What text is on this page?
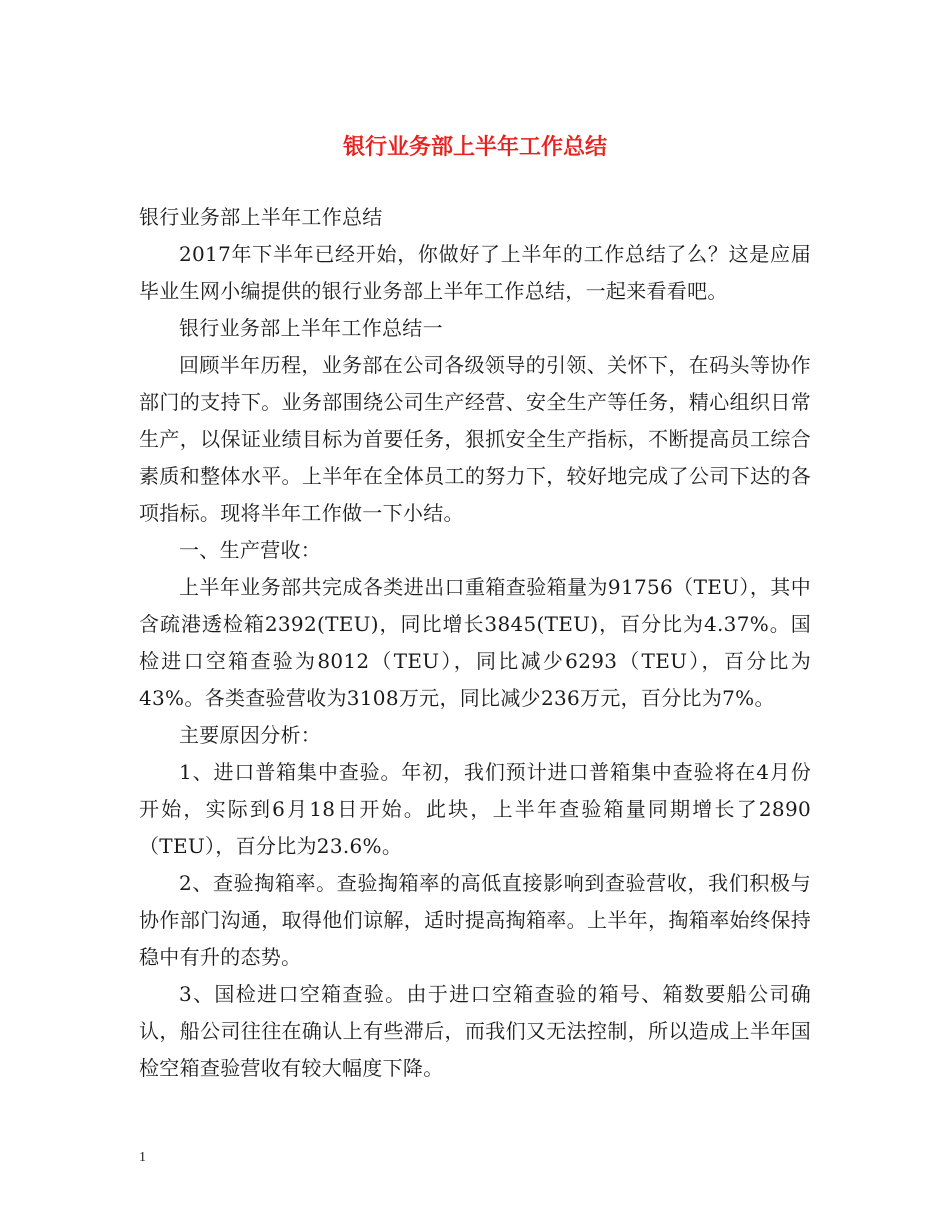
银行业务部上半年工作总结

银行业务部上半年工作总结

2017年下半年已经开始，你做好了上半年的工作总结了么？这是应届毕业生网小编提供的银行业务部上半年工作总结，一起来看看吧。

银行业务部上半年工作总结一

回顾半年历程，业务部在公司各级领导的引领、关怀下，在码头等协作部门的支持下。业务部围绕公司生产经营、安全生产等任务，精心组织日常生产，以保证业绩目标为首要任务，狠抓安全生产指标，不断提高员工综合素质和整体水平。上半年在全体员工的努力下，较好地完成了公司下达的各项指标。现将半年工作做一下小结。

一、生产营收：

上半年业务部共完成各类进出口重箱查验箱量为91756（TEU），其中含疏港透检箱2392(TEU)，同比增长3845(TEU)，百分比为4.37%。国检进口空箱查验为8012（TEU），同比减少6293（TEU），百分比为43%。各类查验营收为3108万元，同比减少236万元，百分比为7%。

主要原因分析：

1、进口普箱集中查验。年初，我们预计进口普箱集中查验将在4月份开始，实际到6月18日开始。此块，上半年查验箱量同期增长了2890（TEU），百分比为23.6%。

2、查验掏箱率。查验掏箱率的高低直接影响到查验营收，我们积极与协作部门沟通，取得他们谅解，适时提高掏箱率。上半年，掏箱率始终保持稳中有升的态势。

3、国检进口空箱查验。由于进口空箱查验的箱号、箱数要船公司确认，船公司往往在确认上有些滞后，而我们又无法控制，所以造成上半年国检空箱查验营收有较大幅度下降。

1
